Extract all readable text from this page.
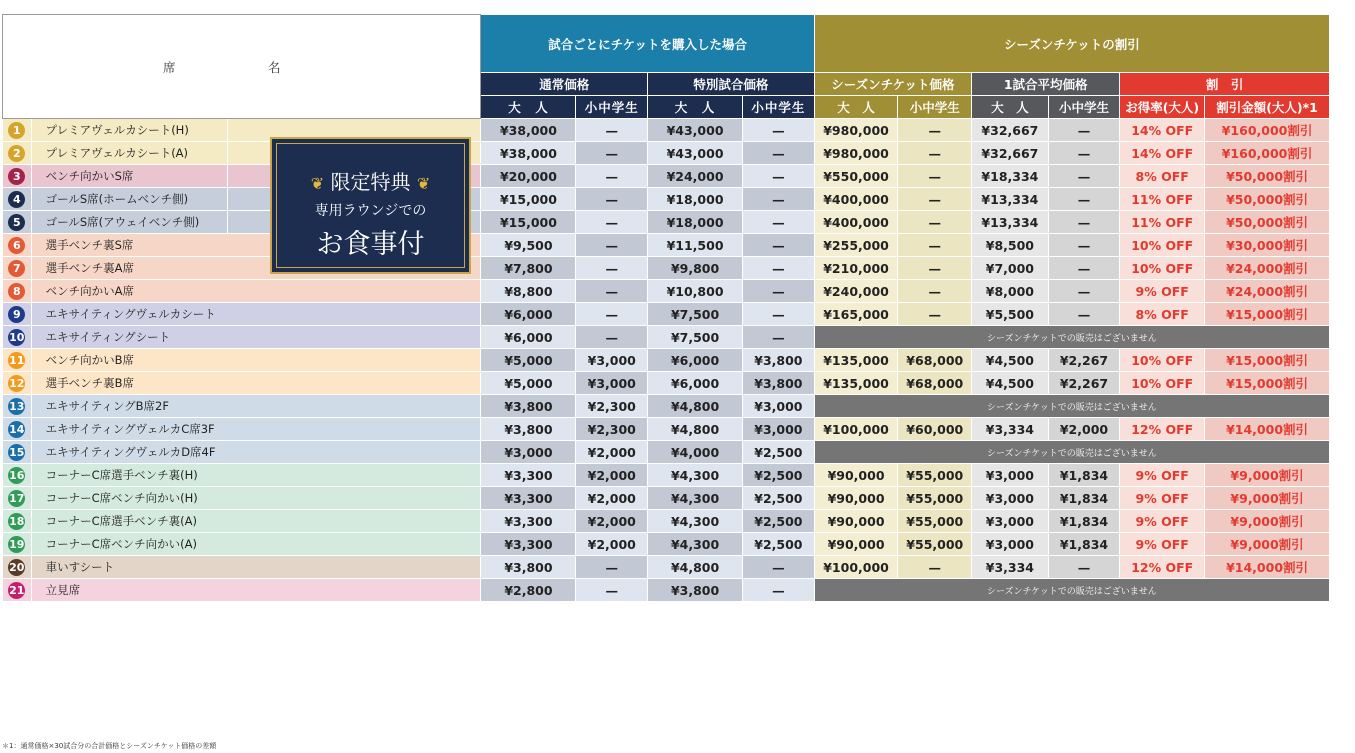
席　名			試合ごとにチケットを購入した場合				シーズンチケットの割引					
			通常価格		特別試合価格		シーズンチケット価格		1試合平均価格		割　引	
			大　人	小中学生	大　人	小中学生	大　人	小中学生	大　人	小中学生	お得率(大人)	割引金額(大人)*1
1	プレミアヴェルカシート(H)		¥38,000	—	¥43,000	—	¥980,000	—	¥32,667	—	14% OFF	¥160,000割引
2	プレミアヴェルカシート(A)		¥38,000	—	¥43,000	—	¥980,000	—	¥32,667	—	14% OFF	¥160,000割引
3	ベンチ向かいS席		¥20,000	—	¥24,000	—	¥550,000	—	¥18,334	—	8% OFF	¥50,000割引
4	ゴールS席(ホームベンチ側)		¥15,000	—	¥18,000	—	¥400,000	—	¥13,334	—	11% OFF	¥50,000割引
5	ゴールS席(アウェイベンチ側)		¥15,000	—	¥18,000	—	¥400,000	—	¥13,334	—	11% OFF	¥50,000割引
6	選手ベンチ裏S席		¥9,500	—	¥11,500	—	¥255,000	—	¥8,500	—	10% OFF	¥30,000割引
7	選手ベンチ裏A席		¥7,800	—	¥9,800	—	¥210,000	—	¥7,000	—	10% OFF	¥24,000割引
8	ベンチ向かいA席		¥8,800	—	¥10,800	—	¥240,000	—	¥8,000	—	9% OFF	¥24,000割引
9	エキサイティングヴェルカシート		¥6,000	—	¥7,500	—	¥165,000	—	¥5,500	—	8% OFF	¥15,000割引
10	エキサイティングシート		¥6,000	—	¥7,500	—	シーズンチケットでの販売はございません					
11	ベンチ向かいB席		¥5,000	¥3,000	¥6,000	¥3,800	¥135,000	¥68,000	¥4,500	¥2,267	10% OFF	¥15,000割引
12	選手ベンチ裏B席		¥5,000	¥3,000	¥6,000	¥3,800	¥135,000	¥68,000	¥4,500	¥2,267	10% OFF	¥15,000割引
13	エキサイティングB席2F		¥3,800	¥2,300	¥4,800	¥3,000	シーズンチケットでの販売はございません					
14	エキサイティングヴェルカC席3F		¥3,800	¥2,300	¥4,800	¥3,000	¥100,000	¥60,000	¥3,334	¥2,000	12% OFF	¥14,000割引
15	エキサイティングヴェルカD席4F		¥3,000	¥2,000	¥4,000	¥2,500	シーズンチケットでの販売はございません					
16	コーナーC席選手ベンチ裏(H)		¥3,300	¥2,000	¥4,300	¥2,500	¥90,000	¥55,000	¥3,000	¥1,834	9% OFF	¥9,000割引
17	コーナーC席ベンチ向かい(H)		¥3,300	¥2,000	¥4,300	¥2,500	¥90,000	¥55,000	¥3,000	¥1,834	9% OFF	¥9,000割引
18	コーナーC席選手ベンチ裏(A)		¥3,300	¥2,000	¥4,300	¥2,500	¥90,000	¥55,000	¥3,000	¥1,834	9% OFF	¥9,000割引
19	コーナーC席ベンチ向かい(A)		¥3,300	¥2,000	¥4,300	¥2,500	¥90,000	¥55,000	¥3,000	¥1,834	9% OFF	¥9,000割引
20	車いすシート		¥3,800	—	¥4,800	—	¥100,000	—	¥3,334	—	12% OFF	¥14,000割引
21	立見席		¥2,800	—	¥3,800	—	シーズンチケットでの販売はございません					
❦ 限定特典 ❦
専用ラウンジでの
お食事付
＊1：通常価格×30試合分の合計価格とシーズンチケット価格の差額
